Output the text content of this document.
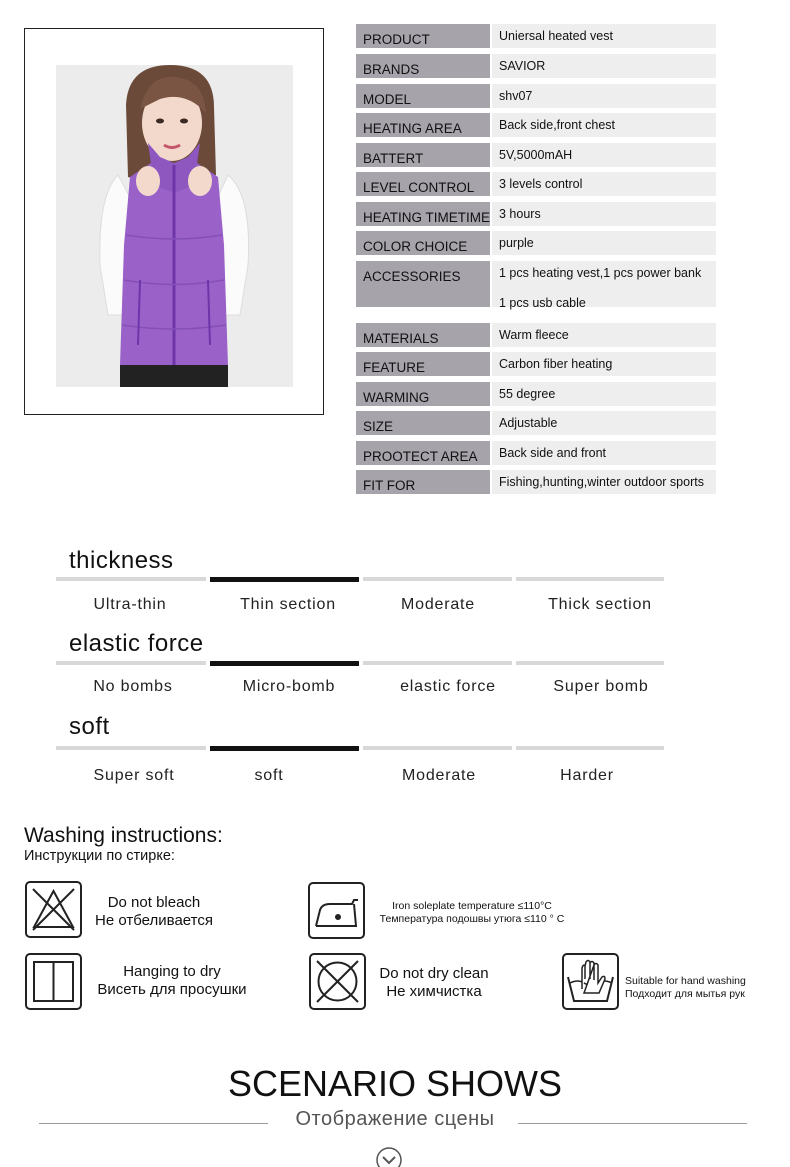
PRODUCT	Uniersal heated vest
BRANDS	SAVIOR
MODEL	shv07
HEATING AREA	Back side,front chest
BATTERT	5V,5000mAH
LEVEL CONTROL	3 levels control
HEATING TIMETIME 3 hours
COLOR CHOICE	purple
ACCESSORIES	1 pcs heating vest,1 pcs power bank
1 pcs usb cable
MATERIALS	Warm fleece
FEATURE	Carbon fiber heating
WARMING	55 degree
SIZE	Adjustable
PROOTECT AREA	Back side and front
FIT FOR	Fishing,hunting,winter outdoor sports
thickness
Ultra-thin	Thin section	Moderate	Thick section
elastic force
No bombs	Micro-bomb	elastic force	Super bomb
soft
Super soft	soft	Moderate	Harder
Washing instructions:
Инструкции по стирке:
Do not bleach
Не отбеливается
Iron soleplate temperature ≤110°C
Температура подошвы утюга ≤110 ° C
Hanging to dry
Висеть для просушки
Do not dry clean
Не химчистка
Suitable for hand washing
Подходит для мытья рук
SCENARIO SHOWS
Отображение сцены
